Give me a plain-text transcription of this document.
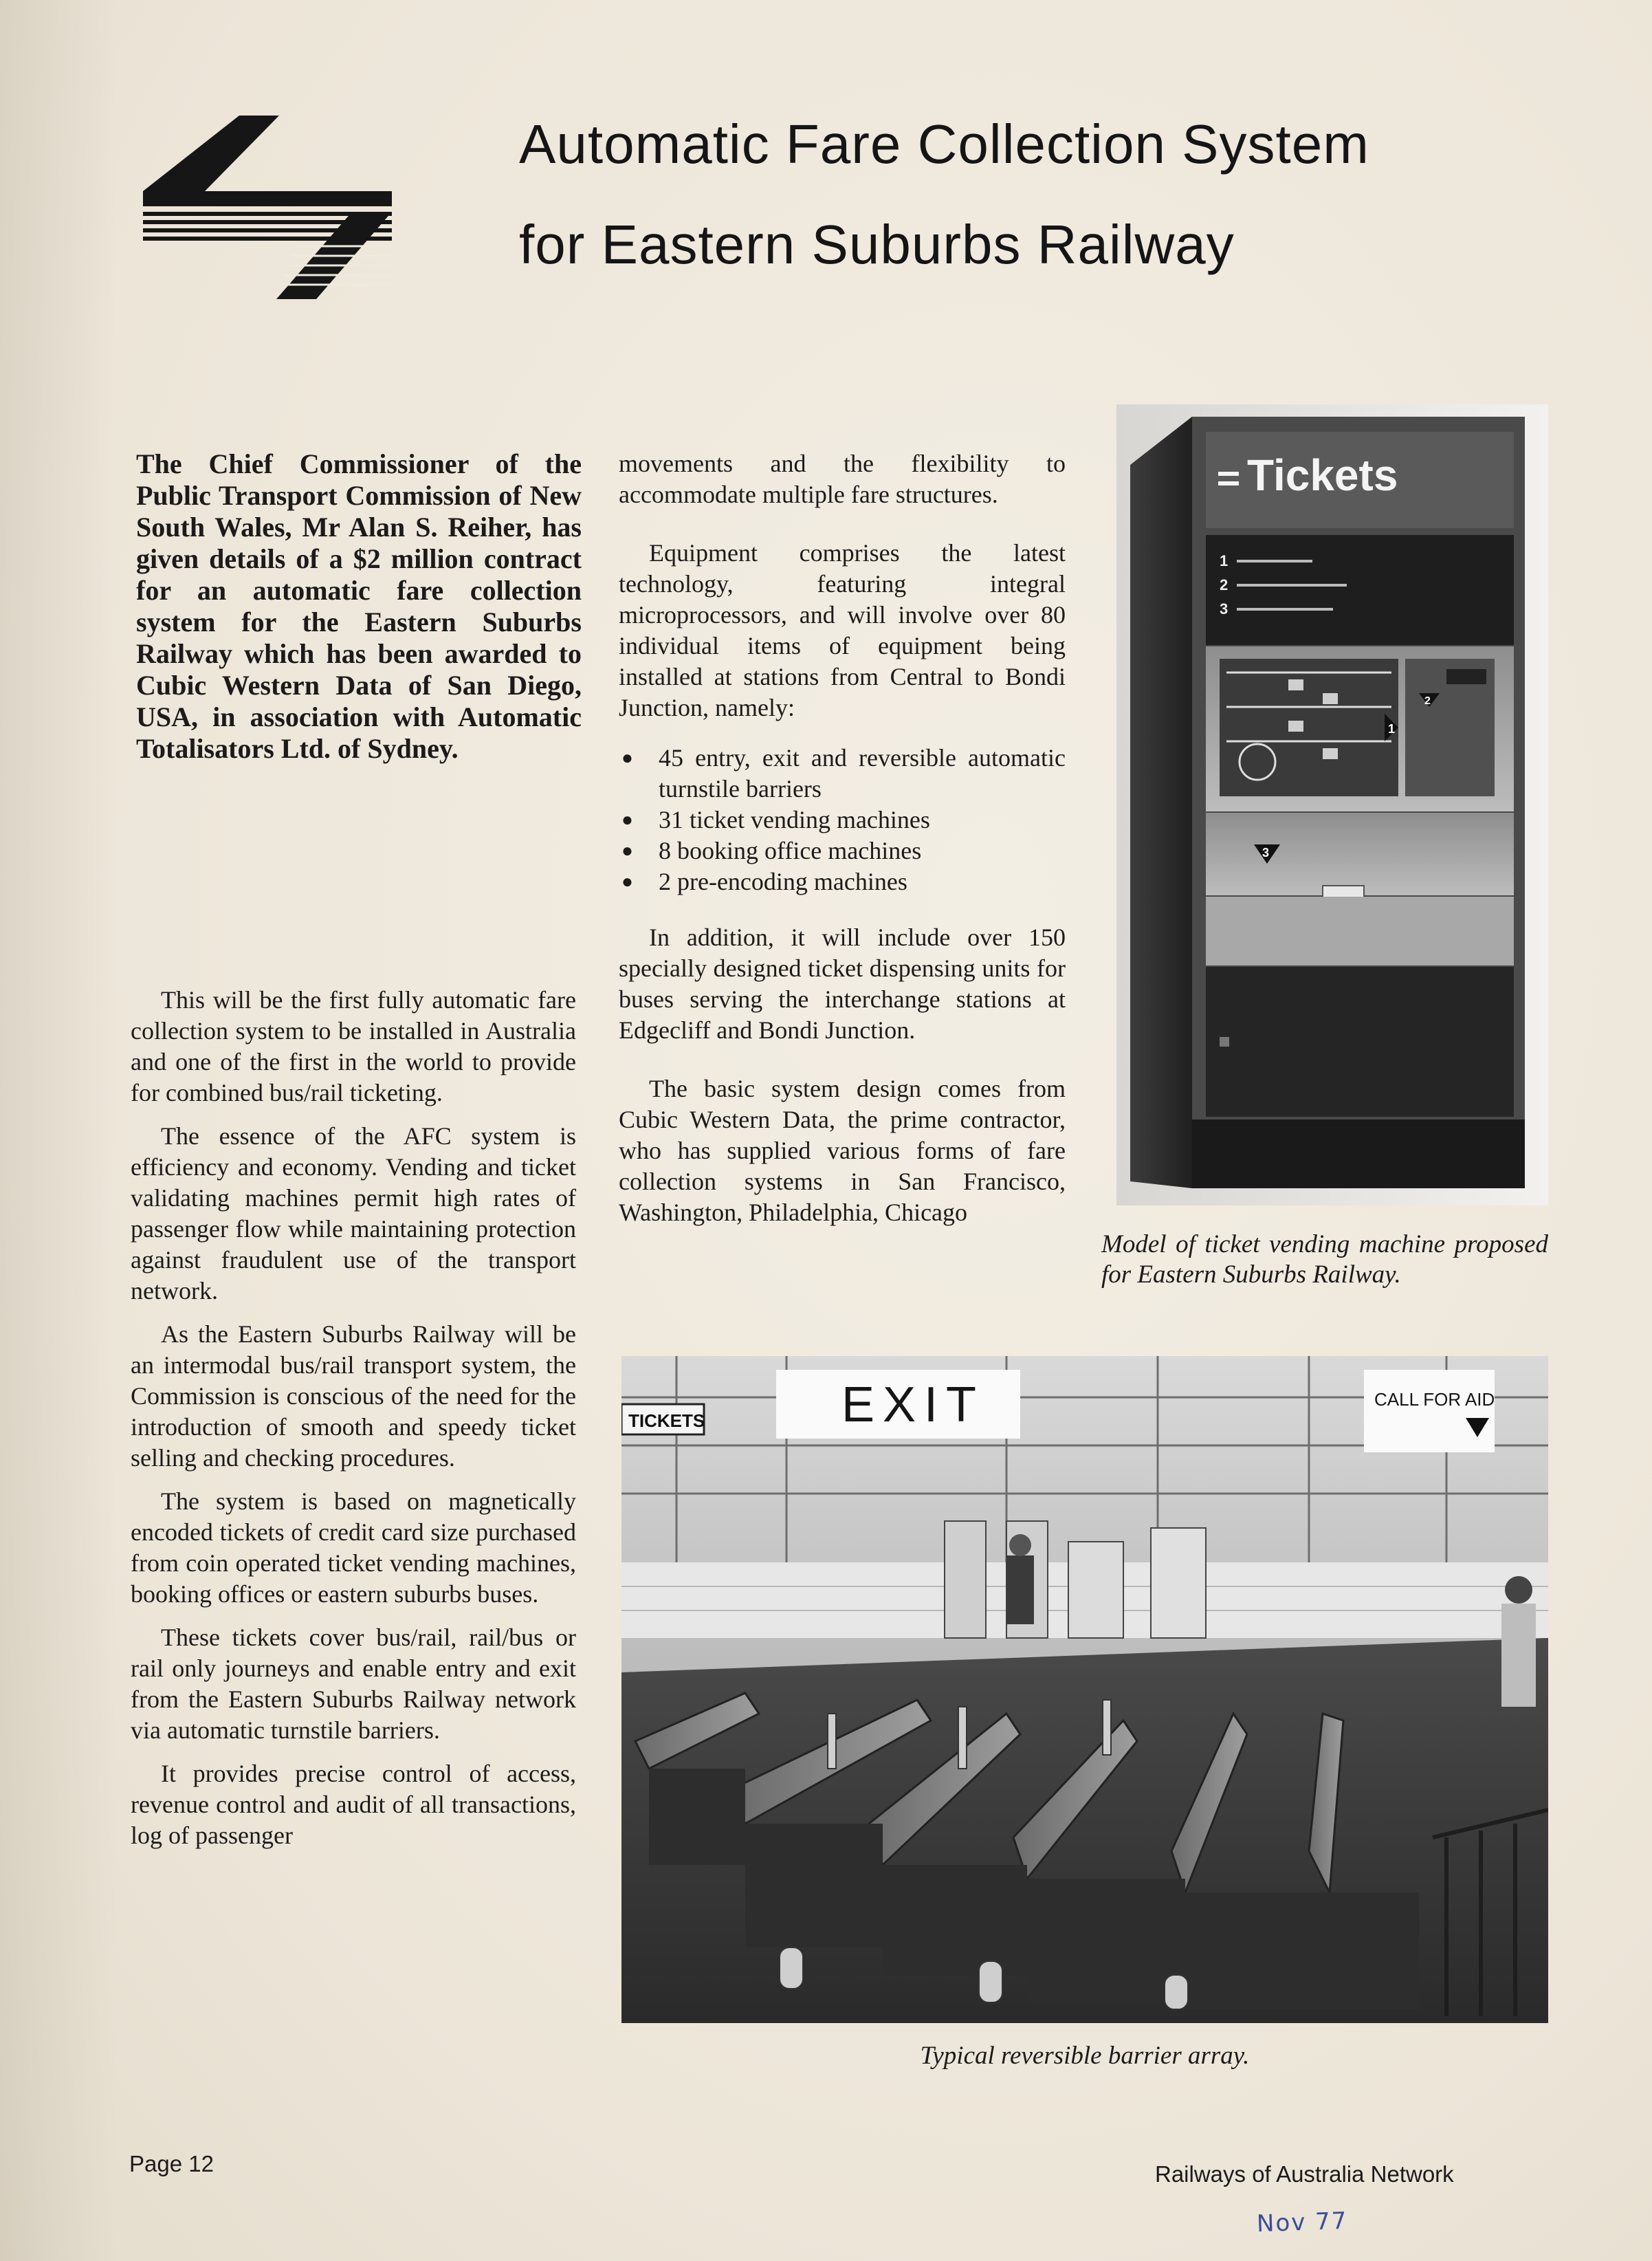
Automatic Fare Collection System
for Eastern Suburbs Railway
The Chief Commissioner of the Public Transport Commission of New South Wales, Mr Alan S. Reiher, has given details of a $2 million contract for an automatic fare collection system for the Eastern Suburbs Railway which has been awarded to Cubic Western Data of San Diego, USA, in association with Automatic Totalisators Ltd. of Sydney.

This will be the first fully automatic fare collection system to be installed in Australia and one of the first in the world to provide for combined bus/rail ticketing.

The essence of the AFC system is efficiency and economy. Vending and ticket validating machines permit high rates of passenger flow while maintaining protection against fraudulent use of the transport network.

As the Eastern Suburbs Railway will be an intermodal bus/rail transport system, the Commission is conscious of the need for the introduction of smooth and speedy ticket selling and checking procedures.

The system is based on magnetically encoded tickets of credit card size purchased from coin operated ticket vending machines, booking offices or eastern suburbs buses.

These tickets cover bus/rail, rail/bus or rail only journeys and enable entry and exit from the Eastern Suburbs Railway network via automatic turnstile barriers.

It provides precise control of access, revenue control and audit of all transactions, log of passenger

movements and the flexibility to accommodate multiple fare structures.

Equipment comprises the latest technology, featuring integral microprocessors, and will involve over 80 individual items of equipment being installed at stations from Central to Bondi Junction, namely:

● 45 entry, exit and reversible automatic turnstile barriers
● 31 ticket vending machines
● 8 booking office machines
● 2 pre-encoding machines

In addition, it will include over 150 specially designed ticket dispensing units for buses serving the interchange stations at Edgecliff and Bondi Junction.

The basic system design comes from Cubic Western Data, the prime contractor, who has supplied various forms of fare collection systems in San Francisco, Washington, Philadelphia, Chicago

Tickets
1
2
3
2
1
3
Model of ticket vending machine proposed for Eastern Suburbs Railway.
TICKETS	EXIT	CALL FOR AID
Typical reversible barrier array.
Page 12	Railways of Australia Network
Nov 77
